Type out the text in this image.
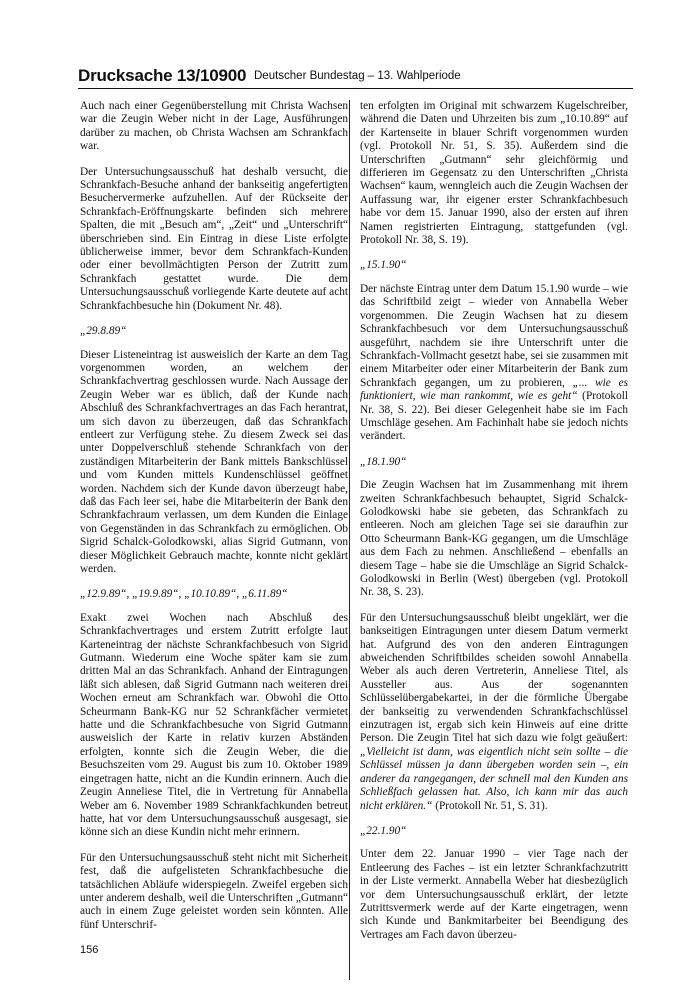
Drucksache 13/10900 Deutscher Bundestag – 13. Wahlperiode

Auch nach einer Gegenüberstellung mit Christa Wachsen war die Zeugin Weber nicht in der Lage, Ausführungen darüber zu machen, ob Christa Wachsen am Schrankfach war.

Der Untersuchungsausschuß hat deshalb versucht, die Schrankfach-Besuche anhand der bankseitig angefertigten Besuchervermerke aufzuhellen. Auf der Rückseite der Schrankfach-Eröffnungskarte befinden sich mehrere Spalten, die mit „Besuch am“, „Zeit“ und „Unterschrift“ überschrieben sind. Ein Eintrag in diese Liste erfolgte üblicherweise immer, bevor dem Schrankfach-Kunden oder einer bevollmächtigten Person der Zutritt zum Schrankfach gestattet wurde. Die dem Untersuchungsausschuß vorliegende Karte deutete auf acht Schrankfachbesuche hin (Dokument Nr. 48).

„29.8.89“

Dieser Listeneintrag ist ausweislich der Karte an dem Tag vorgenommen worden, an welchem der Schrankfachvertrag geschlossen wurde. Nach Aussage der Zeugin Weber war es üblich, daß der Kunde nach Abschluß des Schrankfachvertrages an das Fach herantrat, um sich davon zu überzeugen, daß das Schrankfach entleert zur Verfügung stehe. Zu diesem Zweck sei das unter Doppelverschluß stehende Schrankfach von der zuständigen Mitarbeiterin der Bank mittels Bankschlüssel und vom Kunden mittels Kundenschlüssel geöffnet worden. Nachdem sich der Kunde davon überzeugt habe, daß das Fach leer sei, habe die Mitarbeiterin der Bank den Schrankfachraum verlassen, um dem Kunden die Einlage von Gegenständen in das Schrankfach zu ermöglichen. Ob Sigrid Schalck-Golodkowski, alias Sigrid Gutmann, von dieser Möglichkeit Gebrauch machte, konnte nicht geklärt werden.

„12.9.89“, „19.9.89“, „10.10.89“, „6.11.89“

Exakt zwei Wochen nach Abschluß des Schrankfachvertrages und erstem Zutritt erfolgte laut Karteneintrag der nächste Schrankfachbesuch von Sigrid Gutmann. Wiederum eine Woche später kam sie zum dritten Mal an das Schrankfach. Anhand der Eintragungen läßt sich ablesen, daß Sigrid Gutmann nach weiteren drei Wochen erneut am Schrankfach war. Obwohl die Otto Scheurmann Bank-KG nur 52 Schrankfächer vermietet hatte und die Schrankfachbesuche von Sigrid Gutmann ausweislich der Karte in relativ kurzen Abständen erfolgten, konnte sich die Zeugin Weber, die die Besuchszeiten vom 29. August bis zum 10. Oktober 1989 eingetragen hatte, nicht an die Kundin erinnern. Auch die Zeugin Anneliese Titel, die in Vertretung für Annabella Weber am 6. November 1989 Schrankfachkunden betreut hatte, hat vor dem Untersuchungsausschuß ausgesagt, sie könne sich an diese Kundin nicht mehr erinnern.

Für den Untersuchungsausschuß steht nicht mit Sicherheit fest, daß die aufgelisteten Schrankfachbesuche die tatsächlichen Abläufe widerspiegeln. Zweifel ergeben sich unter anderem deshalb, weil die Unterschriften „Gutmann“ auch in einem Zuge geleistet worden sein könnten. Alle fünf Unterschrif-

ten erfolgten im Original mit schwarzem Kugelschreiber, während die Daten und Uhrzeiten bis zum „10.10.89“ auf der Kartenseite in blauer Schrift vorgenommen wurden (vgl. Protokoll Nr. 51, S. 35). Außerdem sind die Unterschriften „Gutmann“ sehr gleichförmig und differieren im Gegensatz zu den Unterschriften „Christa Wachsen“ kaum, wenngleich auch die Zeugin Wachsen der Auffassung war, ihr eigener erster Schrankfachbesuch habe vor dem 15. Januar 1990, also der ersten auf ihren Namen registrierten Eintragung, stattgefunden (vgl. Protokoll Nr. 38, S. 19).

„15.1.90“

Der nächste Eintrag unter dem Datum 15.1.90 wurde – wie das Schriftbild zeigt – wieder von Annabella Weber vorgenommen. Die Zeugin Wachsen hat zu diesem Schrankfachbesuch vor dem Untersuchungsausschuß ausgeführt, nachdem sie ihre Unterschrift unter die Schrankfach-Vollmacht gesetzt habe, sei sie zusammen mit einem Mitarbeiter oder einer Mitarbeiterin der Bank zum Schrankfach gegangen, um zu probieren, „... wie es funktioniert, wie man rankommt, wie es geht“ (Protokoll Nr. 38, S. 22). Bei dieser Gelegenheit habe sie im Fach Umschläge gesehen. Am Fachinhalt habe sie jedoch nichts verändert.

„18.1.90“

Die Zeugin Wachsen hat im Zusammenhang mit ihrem zweiten Schrankfachbesuch behauptet, Sigrid Schalck-Golodkowski habe sie gebeten, das Schrankfach zu entleeren. Noch am gleichen Tage sei sie daraufhin zur Otto Scheurmann Bank-KG gegangen, um die Umschläge aus dem Fach zu nehmen. Anschließend – ebenfalls an diesem Tage – habe sie die Umschläge an Sigrid Schalck-Golodkowski in Berlin (West) übergeben (vgl. Protokoll Nr. 38, S. 23).

Für den Untersuchungsausschuß bleibt ungeklärt, wer die bankseitigen Eintragungen unter diesem Datum vermerkt hat. Aufgrund des von den anderen Eintragungen abweichenden Schriftbildes scheiden sowohl Annabella Weber als auch deren Vertreterin, Anneliese Titel, als Aussteller aus. Aus der sogenannten Schlüsselübergabekartei, in der die förmliche Übergabe der bankseitig zu verwendenden Schrankfachschlüssel einzutragen ist, ergab sich kein Hinweis auf eine dritte Person. Die Zeugin Titel hat sich dazu wie folgt geäußert: „Vielleicht ist dann, was eigentlich nicht sein sollte – die Schlüssel müssen ja dann übergeben worden sein –, ein anderer da rangegangen, der schnell mal den Kunden ans Schließfach gelassen hat. Also, ich kann mir das auch nicht erklären.“ (Protokoll Nr. 51, S. 31).

„22.1.90“

Unter dem 22. Januar 1990 – vier Tage nach der Entleerung des Faches – ist ein letzter Schrankfachzutritt in der Liste vermerkt. Annabella Weber hat diesbezüglich vor dem Untersuchungsausschuß erklärt, der letzte Zutrittsvermerk werde auf der Karte eingetragen, wenn sich Kunde und Bankmitarbeiter bei Beendigung des Vertrages am Fach davon überzeu-

156
